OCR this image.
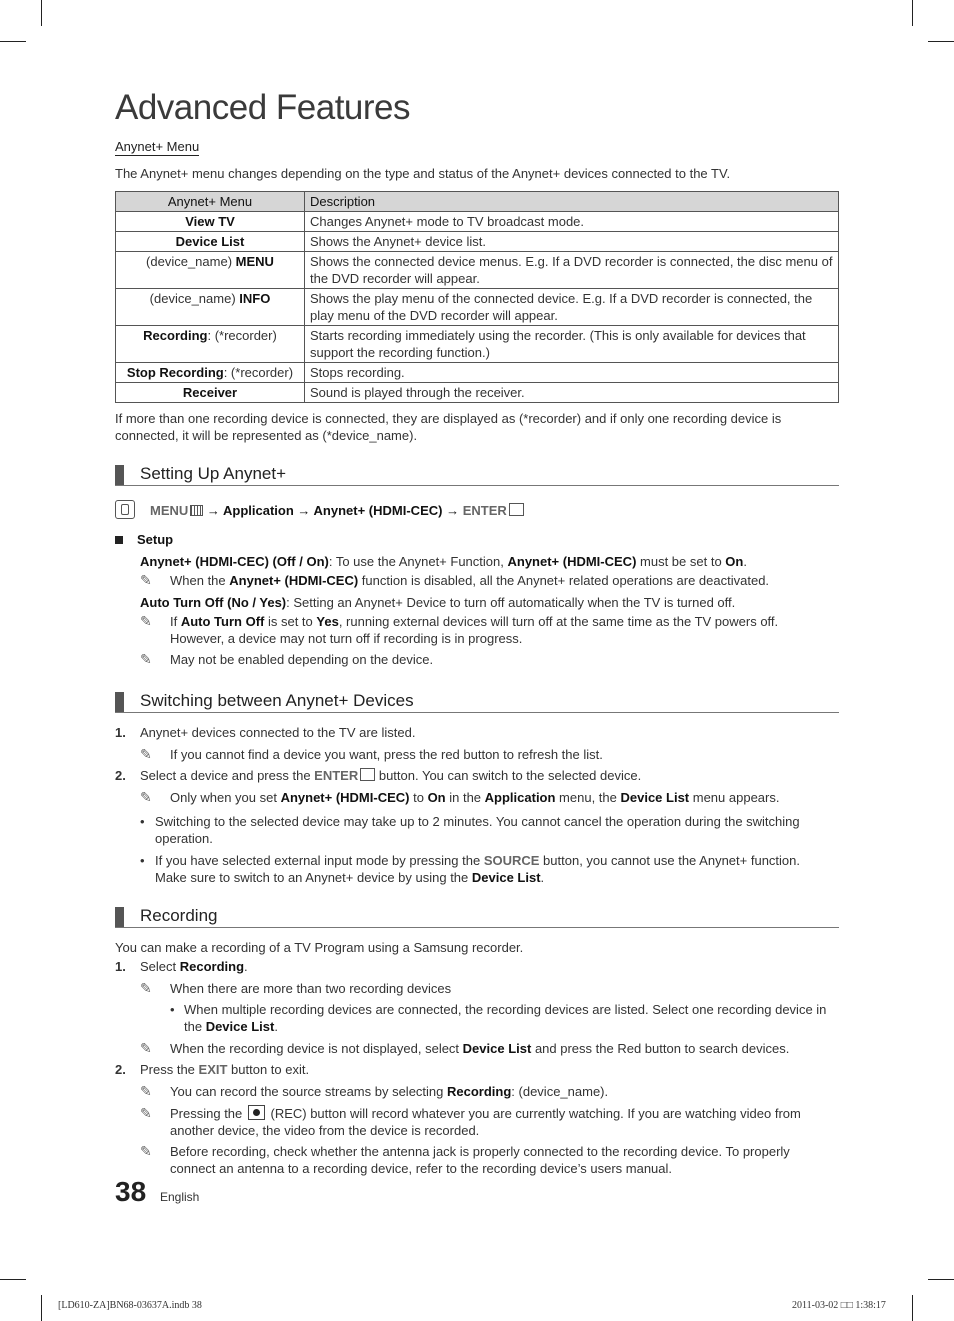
Advanced Features
Anynet+ Menu
The Anynet+ menu changes depending on the type and status of the Anynet+ devices connected to the TV.
Anynet+ Menu	Description
View TV	Changes Anynet+ mode to TV broadcast mode.
Device List	Shows the Anynet+ device list.
(device_name) MENU	Shows the connected device menus. E.g. If a DVD recorder is connected, the disc menu of the DVD recorder will appear.
(device_name) INFO	Shows the play menu of the connected device. E.g. If a DVD recorder is connected, the play menu of the DVD recorder will appear.
Recording: (*recorder)	Starts recording immediately using the recorder. (This is only available for devices that support the recording function.)
Stop Recording: (*recorder)	Stops recording.
Receiver	Sound is played through the receiver.
If more than one recording device is connected, they are displayed as (*recorder) and if only one recording device is connected, it will be represented as (*device_name).
Setting Up Anynet+
MENU → Application → Anynet+ (HDMI-CEC) → ENTER
Setup
Anynet+ (HDMI-CEC) (Off / On): To use the Anynet+ Function, Anynet+ (HDMI-CEC) must be set to On.
✎ When the Anynet+ (HDMI-CEC) function is disabled, all the Anynet+ related operations are deactivated.
Auto Turn Off (No / Yes): Setting an Anynet+ Device to turn off automatically when the TV is turned off.
✎ If Auto Turn Off is set to Yes, running external devices will turn off at the same time as the TV powers off.
However, a device may not turn off if recording is in progress.
✎ May not be enabled depending on the device.
Switching between Anynet+ Devices
1. Anynet+ devices connected to the TV are listed.
✎ If you cannot find a device you want, press the red button to refresh the list.
2. Select a device and press the ENTER button. You can switch to the selected device.
✎ Only when you set Anynet+ (HDMI-CEC) to On in the Application menu, the Device List menu appears.
• Switching to the selected device may take up to 2 minutes. You cannot cancel the operation during the switching
operation.
• If you have selected external input mode by pressing the SOURCE button, you cannot use the Anynet+ function.
Make sure to switch to an Anynet+ device by using the Device List.
Recording
You can make a recording of a TV Program using a Samsung recorder.
1. Select Recording.
✎ When there are more than two recording devices
• When multiple recording devices are connected, the recording devices are listed. Select one recording device in
the Device List.
✎ When the recording device is not displayed, select Device List and press the Red button to search devices.
2. Press the EXIT button to exit.
✎ You can record the source streams by selecting Recording: (device_name).
✎ Pressing the  (REC) button will record whatever you are currently watching. If you are watching video from
another device, the video from the device is recorded.
✎ Before recording, check whether the antenna jack is properly connected to the recording device. To properly
connect an antenna to a recording device, refer to the recording device’s users manual.
38 English
[LD610-ZA]BN68-03637A.indb 38	2011-03-02 □□ 1:38:17
